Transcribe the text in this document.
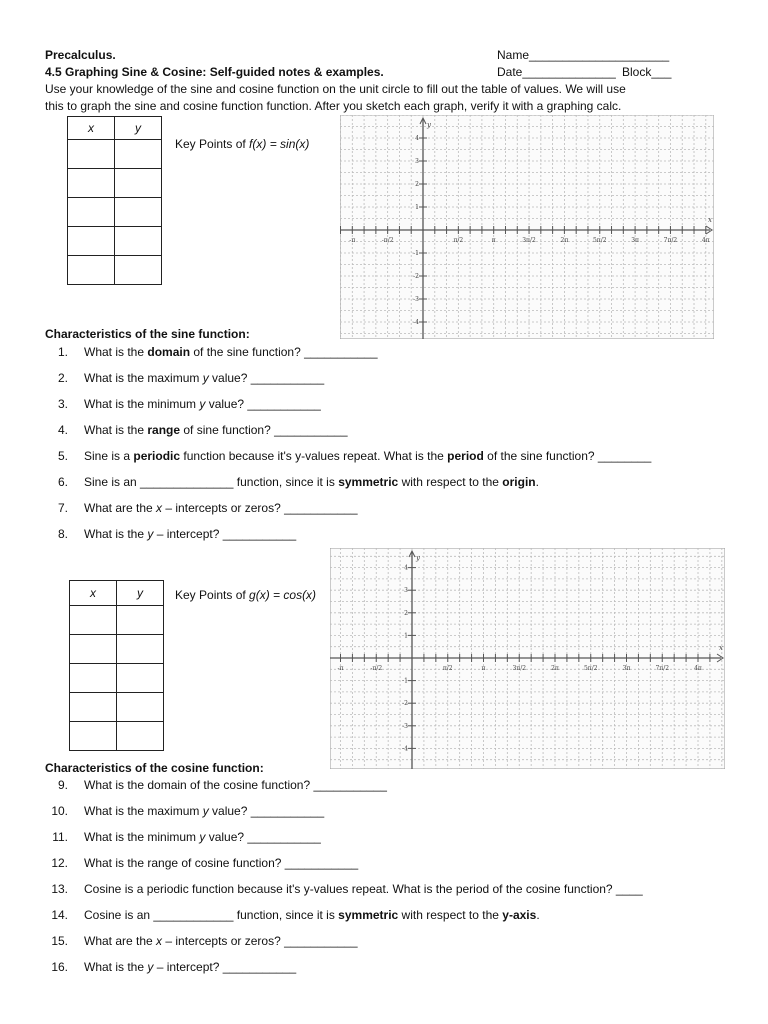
Precalculus.
4.5 Graphing Sine & Cosine: Self-guided notes & examples.
Name_____________________
Date______________ Block___
Use your knowledge of the sine and cosine function on the unit circle to fill out the table of values. We will use
this to graph the sine and cosine function function. After you sketch each graph, verify it with a graphing calc.
x	y

Key Points of f(x) = sin(x)
-π	-π/2	π/2	π	3π/2	2π	5π/2	3π	7π/2	4π
4
3
2
1
-1
-2
-3
-4
x
y
Characteristics of the sine function:
1. What is the domain of the sine function? ___________
2. What is the maximum y value? ___________
3. What is the minimum y value? ___________
4. What is the range of sine function? ___________
5. Sine is a periodic function because it's y-values repeat. What is the period of the sine function? ________
6. Sine is an ______________ function, since it is symmetric with respect to the origin.
7. What are the x – intercepts or zeros? ___________
8. What is the y – intercept? ___________
x	y

		Key Points of g(x) = cos(x)
-π	-π/2	π/2	π	3π/2	2π	5π/2	3π	7π/2	4π
4
3
2
1
-1
-2
-3
-4
x
y
Characteristics of the cosine function:
9. What is the domain of the cosine function? ___________
10. What is the maximum y value? ___________
11. What is the minimum y value? ___________
12. What is the range of cosine function? ___________
13. Cosine is a periodic function because it's y-values repeat. What is the period of the cosine function? ____
14. Cosine is an ____________ function, since it is symmetric with respect to the y-axis.
15. What are the x – intercepts or zeros? ___________
16. What is the y – intercept? ___________
